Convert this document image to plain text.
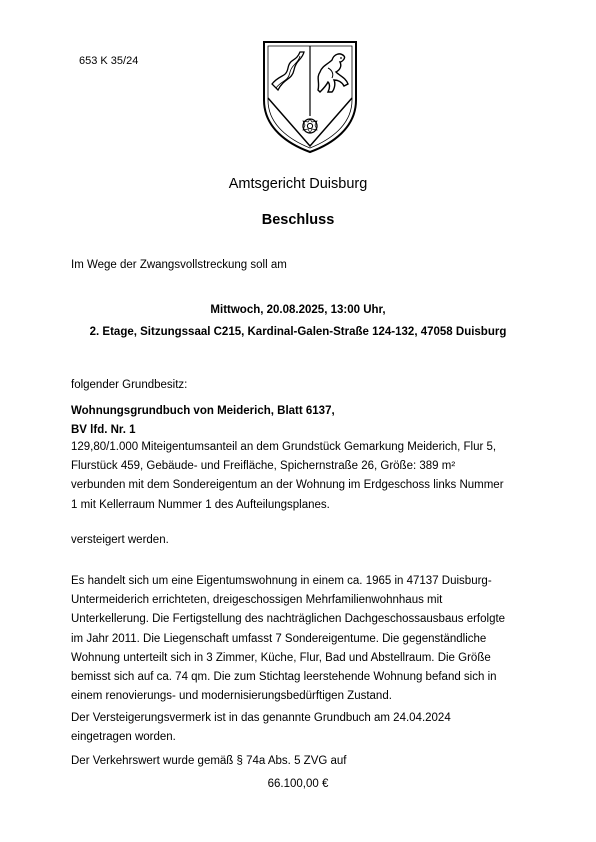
653 K 35/24
Amtsgericht Duisburg
Beschluss
Im Wege der Zwangsvollstreckung soll am
Mittwoch, 20.08.2025, 13:00 Uhr,
2. Etage, Sitzungssaal C215, Kardinal-Galen-Straße 124-132, 47058 Duisburg
folgender Grundbesitz:
Wohnungsgrundbuch von Meiderich, Blatt 6137,
BV lfd. Nr. 1
129,80/1.000 Miteigentumsanteil an dem Grundstück Gemarkung Meiderich, Flur 5,
Flurstück 459, Gebäude- und Freifläche, Spichernstraße 26, Größe: 389 m²
verbunden mit dem Sondereigentum an der Wohnung im Erdgeschoss links Nummer
1 mit Kellerraum Nummer 1 des Aufteilungsplanes.
versteigert werden.
Es handelt sich um eine Eigentumswohnung in einem ca. 1965 in 47137 Duisburg-
Untermeiderich errichteten, dreigeschossigen Mehrfamilienwohnhaus mit
Unterkellerung. Die Fertigstellung des nachträglichen Dachgeschossausbaus erfolgte
im Jahr 2011. Die Liegenschaft umfasst 7 Sondereigentume. Die gegenständliche
Wohnung unterteilt sich in 3 Zimmer, Küche, Flur, Bad und Abstellraum. Die Größe
bemisst sich auf ca. 74 qm. Die zum Stichtag leerstehende Wohnung befand sich in
einem renovierungs- und modernisierungsbedürftigen Zustand.
Der Versteigerungsvermerk ist in das genannte Grundbuch am 24.04.2024
eingetragen worden.
Der Verkehrswert wurde gemäß § 74a Abs. 5 ZVG auf
66.100,00 €
